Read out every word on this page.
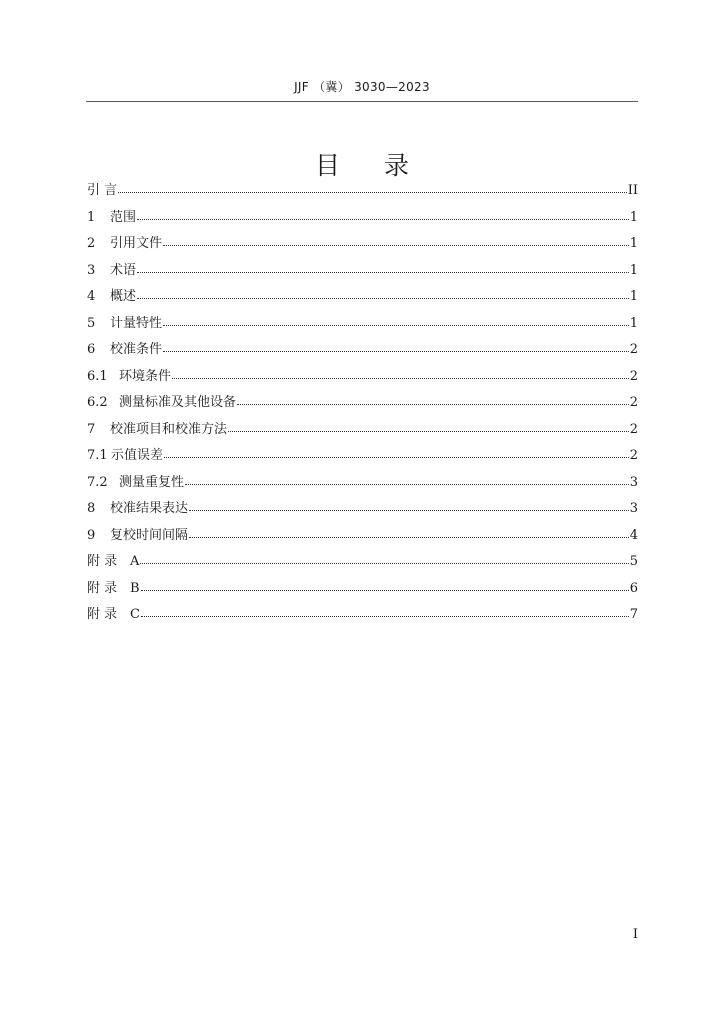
JJF （冀） 3030—2023
目录
引 言	II
1	范围	1
2	引用文件	1
3	术语	1
4	概述	1
5	计量特性	1
6	校准条件	2
6.1 环境条件	2
6.2 测量标准及其他设备	2
7	校准项目和校准方法	2
7.1 示值误差	2
7.2 测量重复性	3
8	校准结果表达	3
9	复校时间间隔	4
附 录 A	5
附 录 B	6
附 录 C	7
I
